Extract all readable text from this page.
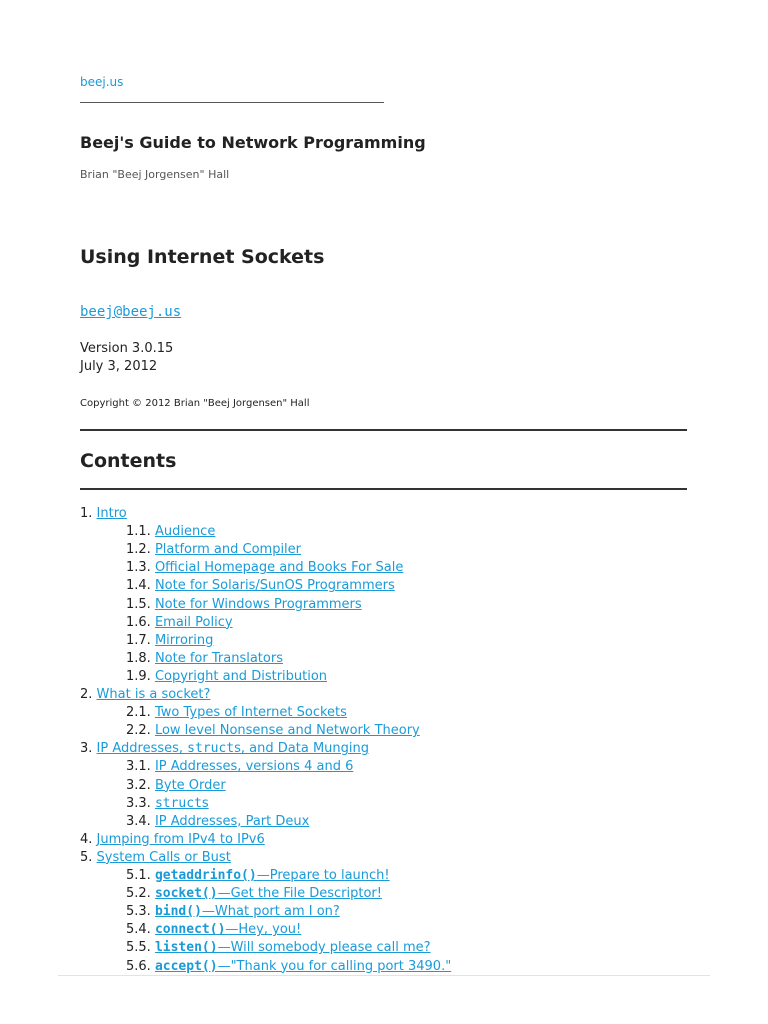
beej.us
Beej's Guide to Network Programming
Brian "Beej Jorgensen" Hall
Using Internet Sockets
beej@beej.us
Version 3.0.15
July 3, 2012
Copyright © 2012 Brian "Beej Jorgensen" Hall
Contents
1. Intro
1.1. Audience
1.2. Platform and Compiler
1.3. Official Homepage and Books For Sale
1.4. Note for Solaris/SunOS Programmers
1.5. Note for Windows Programmers
1.6. Email Policy
1.7. Mirroring
1.8. Note for Translators
1.9. Copyright and Distribution
2. What is a socket?
2.1. Two Types of Internet Sockets
2.2. Low level Nonsense and Network Theory
3. IP Addresses, structs, and Data Munging
3.1. IP Addresses, versions 4 and 6
3.2. Byte Order
3.3. structs
3.4. IP Addresses, Part Deux
4. Jumping from IPv4 to IPv6
5. System Calls or Bust
5.1. getaddrinfo()—Prepare to launch!
5.2. socket()—Get the File Descriptor!
5.3. bind()—What port am I on?
5.4. connect()—Hey, you!
5.5. listen()—Will somebody please call me?
5.6. accept()—"Thank you for calling port 3490."
